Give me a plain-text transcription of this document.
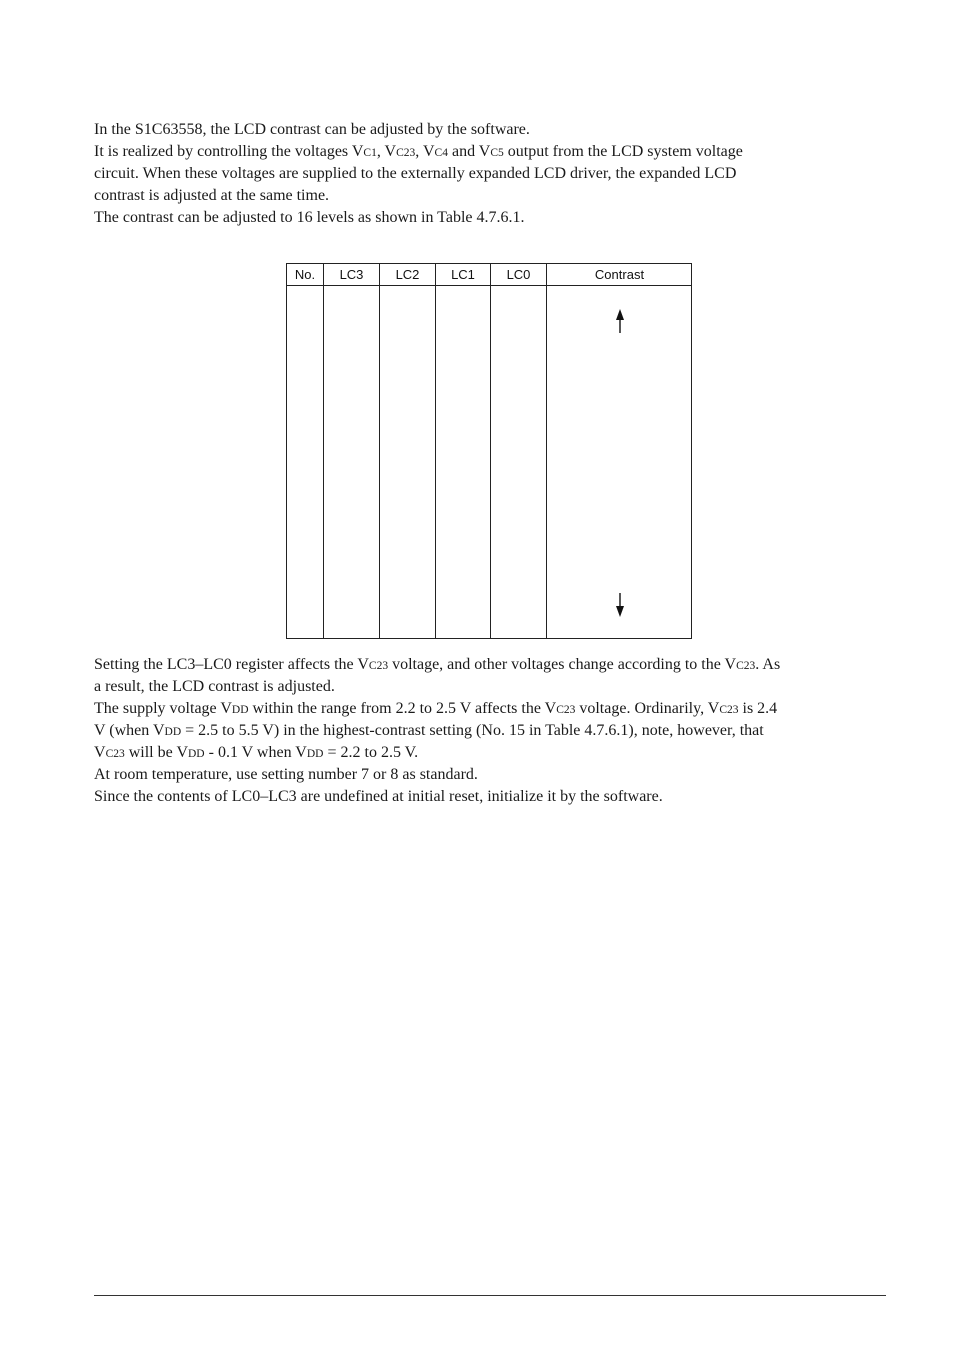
In the S1C63558, the LCD contrast can be adjusted by the software.
It is realized by controlling the voltages VC1, VC23, VC4 and VC5 output from the LCD system voltage
circuit. When these voltages are supplied to the externally expanded LCD driver, the expanded LCD
contrast is adjusted at the same time.
The contrast can be adjusted to 16 levels as shown in Table 4.7.6.1.
No.	LC3	LC2	LC1	LC0	Contrast
Setting the LC3–LC0 register affects the VC23 voltage, and other voltages change according to the VC23. As
a result, the LCD contrast is adjusted.
The supply voltage VDD within the range from 2.2 to 2.5 V affects the VC23 voltage. Ordinarily, VC23 is 2.4
V (when VDD = 2.5 to 5.5 V) in the highest-contrast setting (No. 15 in Table 4.7.6.1), note, however, that
VC23 will be VDD - 0.1 V when VDD = 2.2 to 2.5 V.
At room temperature, use setting number 7 or 8 as standard.
Since the contents of LC0–LC3 are undefined at initial reset, initialize it by the software.
